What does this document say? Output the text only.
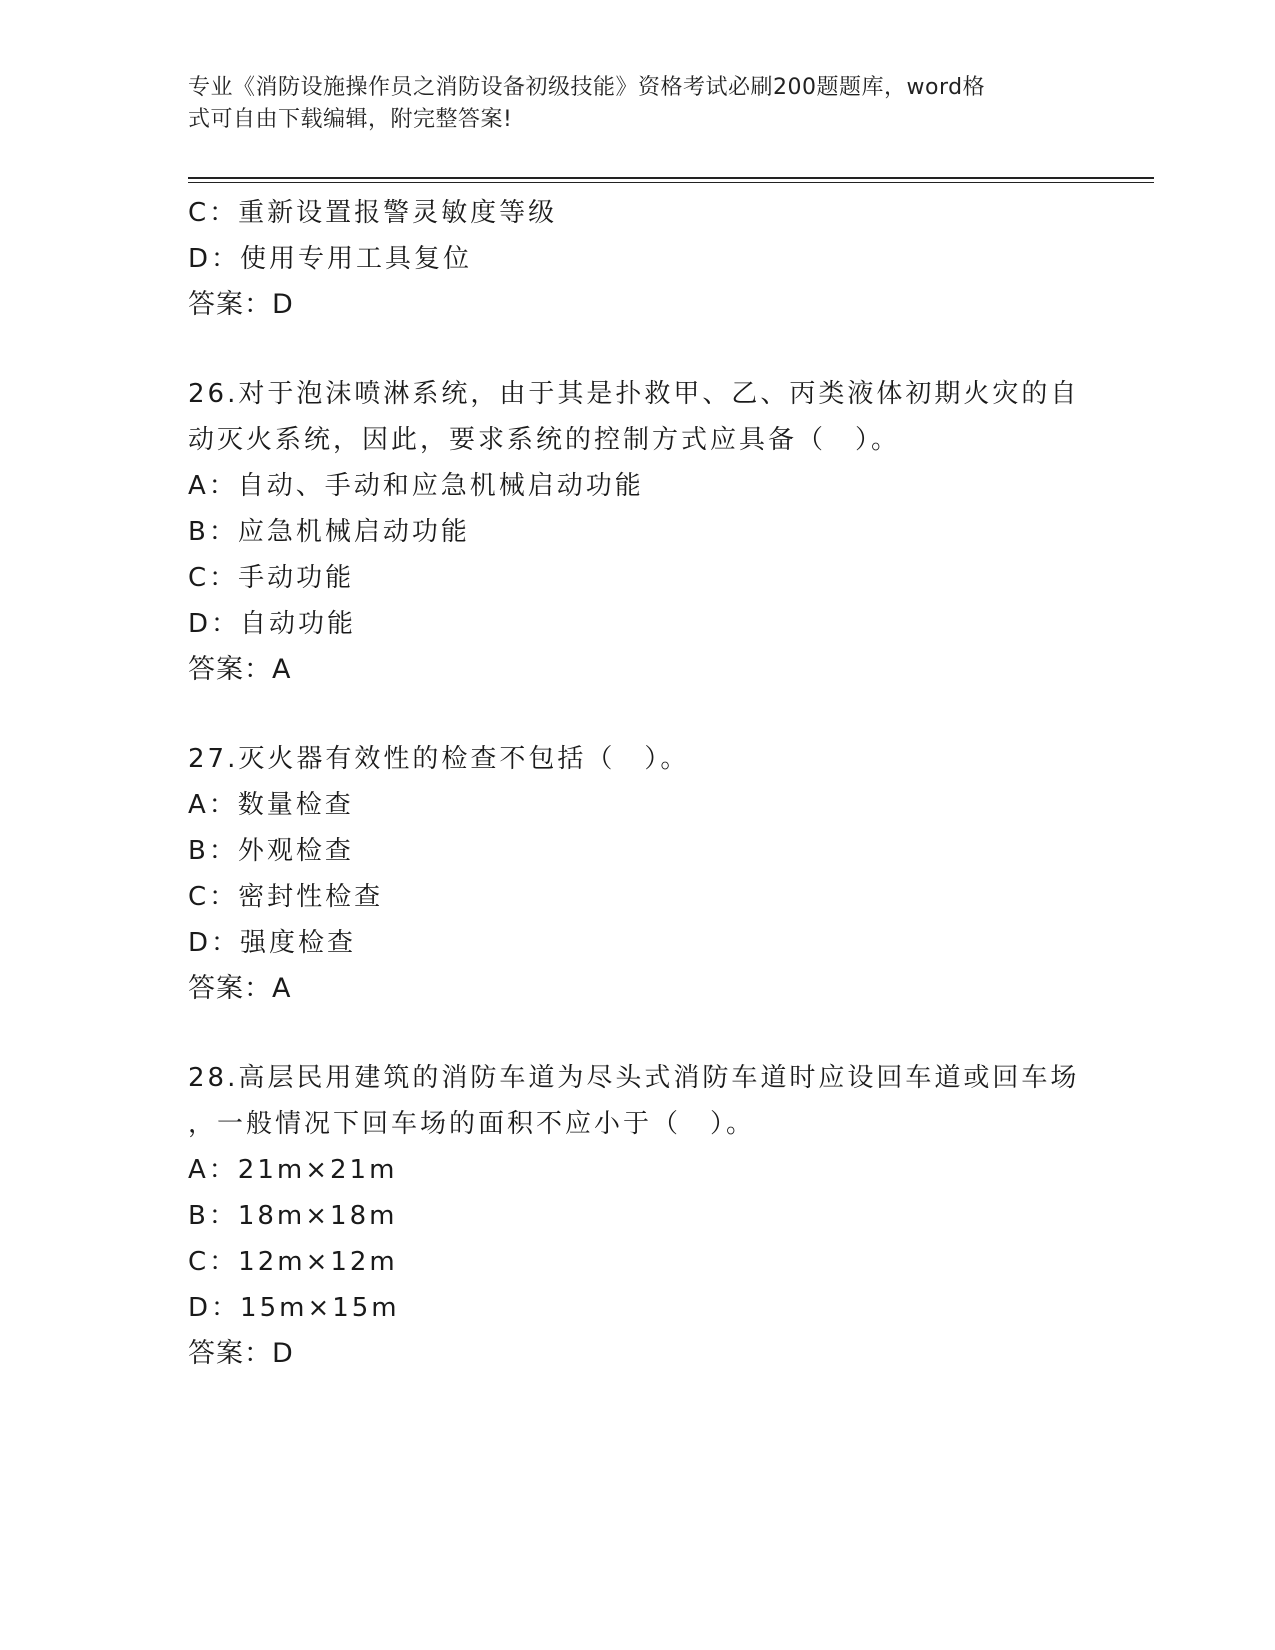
专业《消防设施操作员之消防设备初级技能》资格考试必刷200题题库，word格
式可自由下载编辑，附完整答案!
C：重新设置报警灵敏度等级
D：使用专用工具复位
答案：D
26.对于泡沫喷淋系统，由于其是扑救甲、乙、丙类液体初期火灾的自
动灭火系统，因此，要求系统的控制方式应具备（　）。
A：自动、手动和应急机械启动功能
B：应急机械启动功能
C：手动功能
D：自动功能
答案：A
27.灭火器有效性的检查不包括（　）。
A：数量检查
B：外观检查
C：密封性检查
D：强度检查
答案：A
28.高层民用建筑的消防车道为尽头式消防车道时应设回车道或回车场
，一般情况下回车场的面积不应小于（　）。
A：21m×21m
B：18m×18m
C：12m×12m
D：15m×15m
答案：D
